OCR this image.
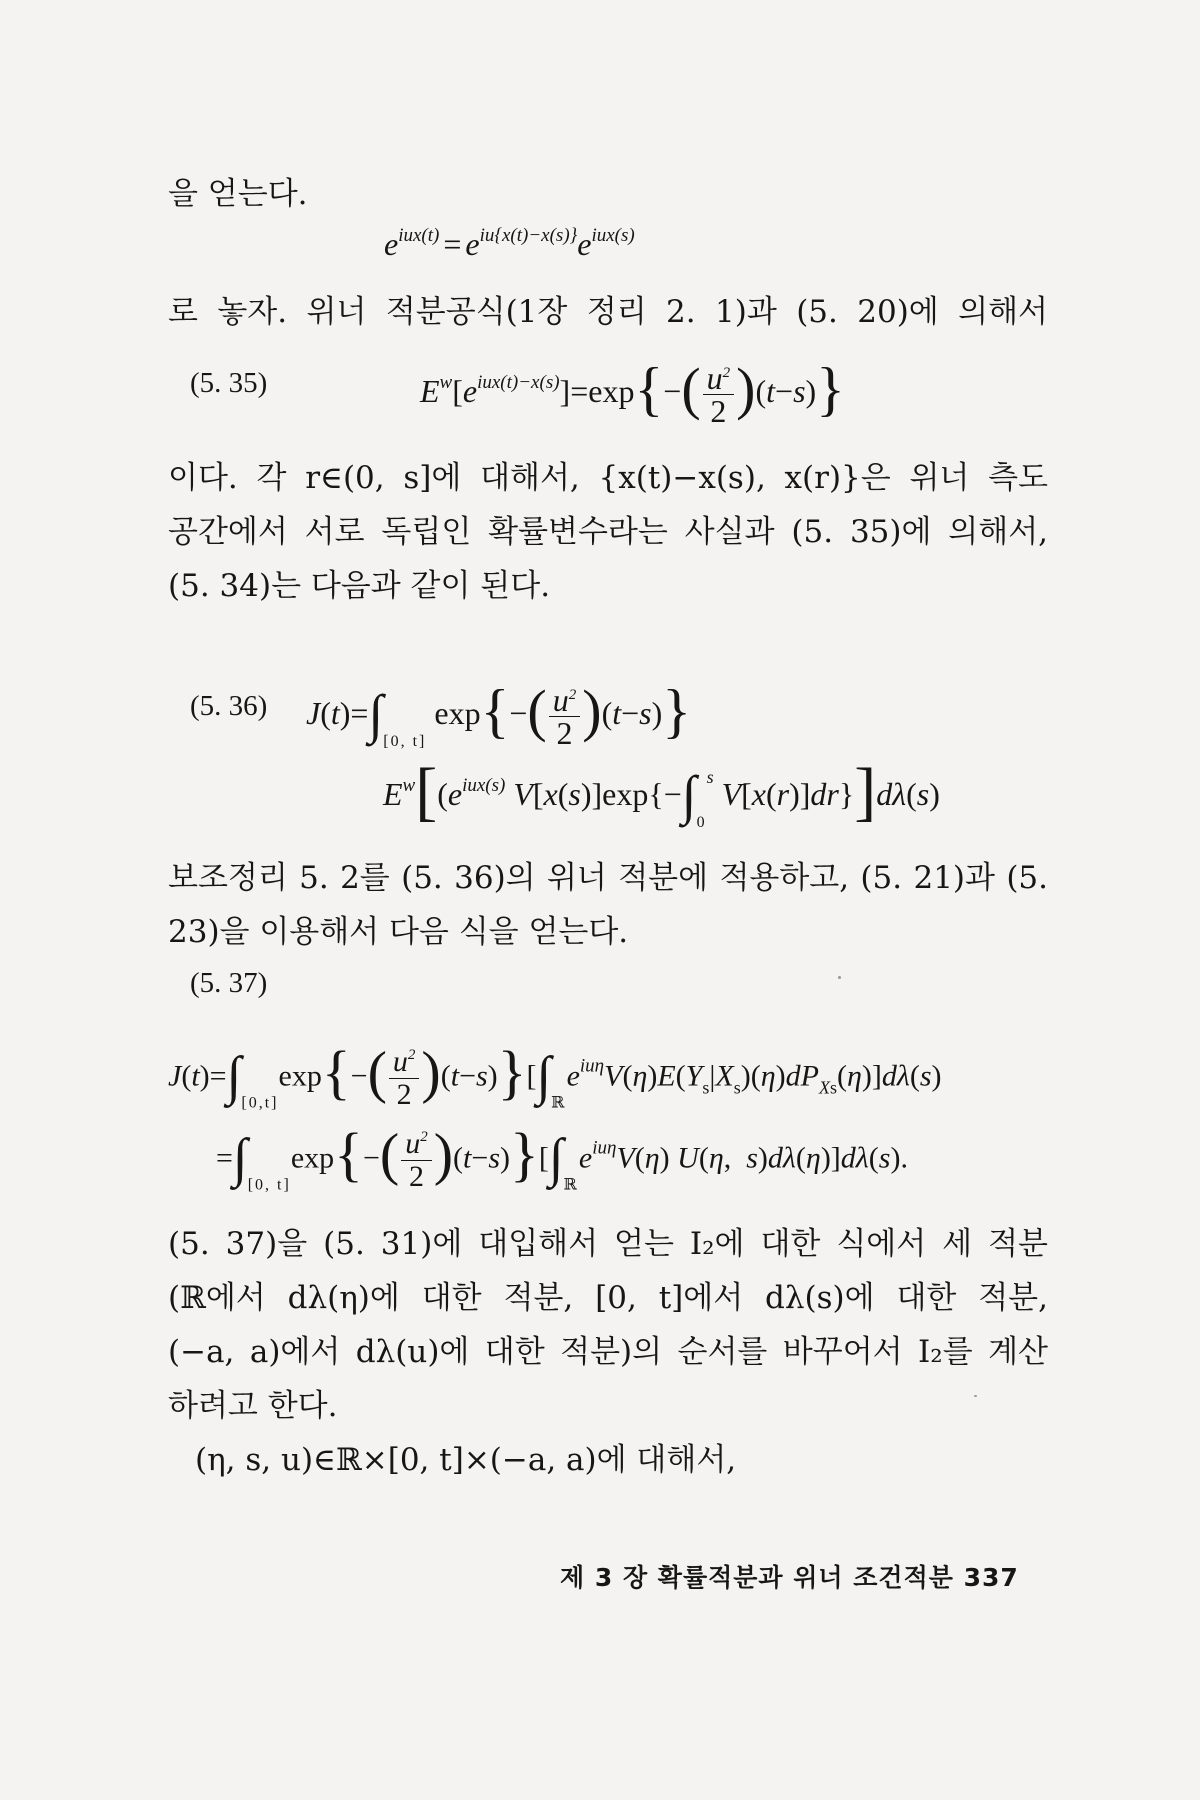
을 얻는다.
$e^{iux(t)} = e^{iu\{x(t)-x(s)\}}e^{iux(s)}$
로 놓자. 위너 적분공식(1장 정리 2. 1)과 (5. 20)에 의해서
(5. 35)	$E^w[e^{iux(t)-x(s)}]=\exp\{-( \frac{u^2}{2} )(t-s)\}$
이다. 각 r∈(0, s]에 대해서, {x(t)−x(s), x(r)}은 위너 측도
공간에서 서로 독립인 확률변수라는 사실과 (5. 35)에 의해서,
(5. 34)는 다음과 같이 된다.
(5. 36) $J(t)=\int_{[0, t]}$ $\exp\{-( \frac{u^2}{2} )(t-s)\}$
$E^w[(e^{iux(s)}$ $V[x(s)]\exp\{-\int_0^s$ V[x(r)]dr}]dλ(s)
보조정리 5. 2를 (5. 36)의 위너 적분에 적용하고, (5. 21)과 (5.
23)을 이용해서 다음 식을 얻는다.
(5. 37)
$J(t)=\int_{[0,t]}\exp\{-( \frac{u^2}{2} )(t-s)\}[\int_ℝe^{iu\eta}V(\eta)E(Y_s|X_s)(\eta)dP_{Xs}(\eta)]d\lambda(s)$
$=\int_{[0, t]}\exp\{-( \frac{u^2}{2} )(t-s)\}[\int_ℝe^{iu\eta}V(\eta)$ U(η,  s)dλ(η)]dλ(s).
(5. 37)을 (5. 31)에 대입해서 얻는 I₂에 대한 식에서 세 적분
(ℝ에서 dλ(η)에 대한 적분, [0, t]에서 dλ(s)에 대한 적분,
(−a, a)에서 dλ(u)에 대한 적분)의 순서를 바꾸어서 I₂를 계산
하려고 한다.
(η, s, u)∈ℝ×[0, t]×(−a, a)에 대해서,
제 3 장 확률적분과 위너 조건적분 337
